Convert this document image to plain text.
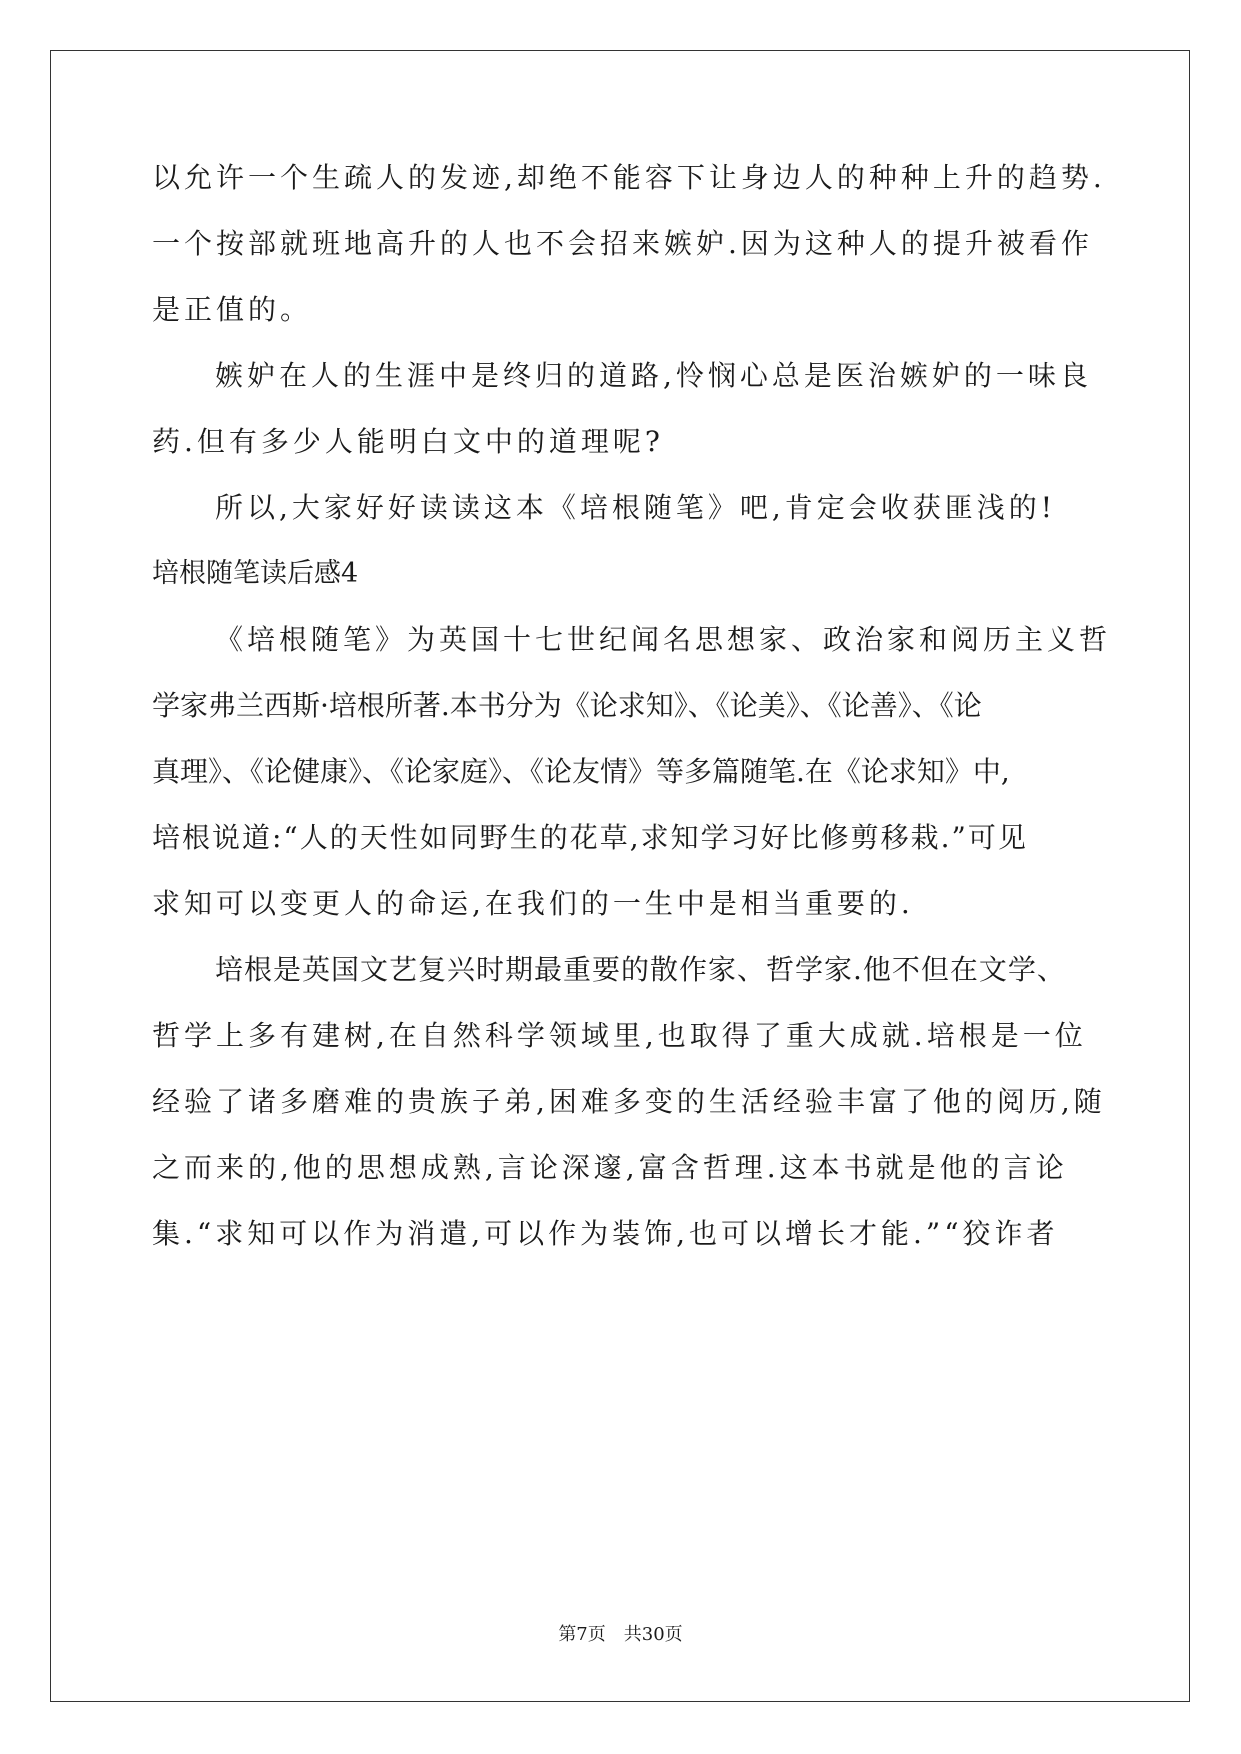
以允许一个生疏人的发迹,却绝不能容下让身边人的种种上升的趋势.
一个按部就班地高升的人也不会招来嫉妒.因为这种人的提升被看作
是正值的。
嫉妒在人的生涯中是终归的道路,怜悯心总是医治嫉妒的一味良
药.但有多少人能明白文中的道理呢?
所以,大家好好读读这本《培根随笔》吧,肯定会收获匪浅的!
培根随笔读后感4
《培根随笔》为英国十七世纪闻名思想家、政治家和阅历主义哲
学家弗兰西斯·培根所著.本书分为《论求知》、《论美》、《论善》、《论
真理》、《论健康》、《论家庭》、《论友情》等多篇随笔.在《论求知》中,
培根说道:“人的天性如同野生的花草,求知学习好比修剪移栽.”可见
求知可以变更人的命运,在我们的一生中是相当重要的.
培根是英国文艺复兴时期最重要的散作家、哲学家.他不但在文学、
哲学上多有建树,在自然科学领域里,也取得了重大成就.培根是一位
经验了诸多磨难的贵族子弟,困难多变的生活经验丰富了他的阅历,随
之而来的,他的思想成熟,言论深邃,富含哲理.这本书就是他的言论
集.“求知可以作为消遣,可以作为装饰,也可以增长才能.”“狡诈者
第7页　共30页
